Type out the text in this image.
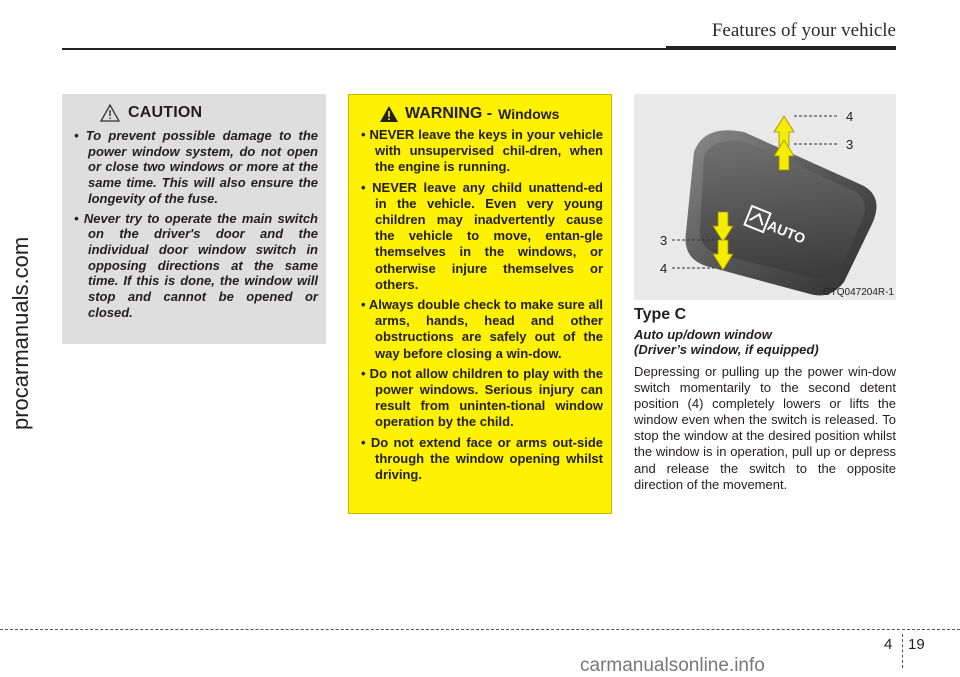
Features of your vehicle
procarmanuals.com
CAUTION
• To prevent possible damage to the power window system, do not open or close two windows or more at the same time. This will also ensure the longevity of the fuse.
• Never try to operate the main switch on the driver's door and the individual door window switch in opposing directions at the same time. If this is done, the window will stop and cannot be opened or closed.
WARNING - Windows
• NEVER leave the keys in your vehicle with unsupervised chil-dren, when the engine is running.
• NEVER leave any child unattend-ed in the vehicle. Even very young children may inadvertently cause the vehicle to move, entan-gle themselves in the windows, or otherwise injure themselves or others.
• Always double check to make sure all arms, hands, head and other obstructions are safely out of the way before closing a win-dow.
• Do not allow children to play with the power windows. Serious injury can result from uninten-tional window operation by the child.
• Do not extend face or arms out-side through the window opening whilst driving.
AUTO
4
3
3
4
OTQ047204R-1
Type C
Auto up/down window
(Driver’s window, if equipped)
Depressing or pulling up the power win-dow switch momentarily to the second detent position (4) completely lowers or lifts the window even when the switch is released. To stop the window at the desired position whilst the window is in operation, pull up or depress and release the switch to the opposite direction of the movement.
4 19
carmanualsonline.info
